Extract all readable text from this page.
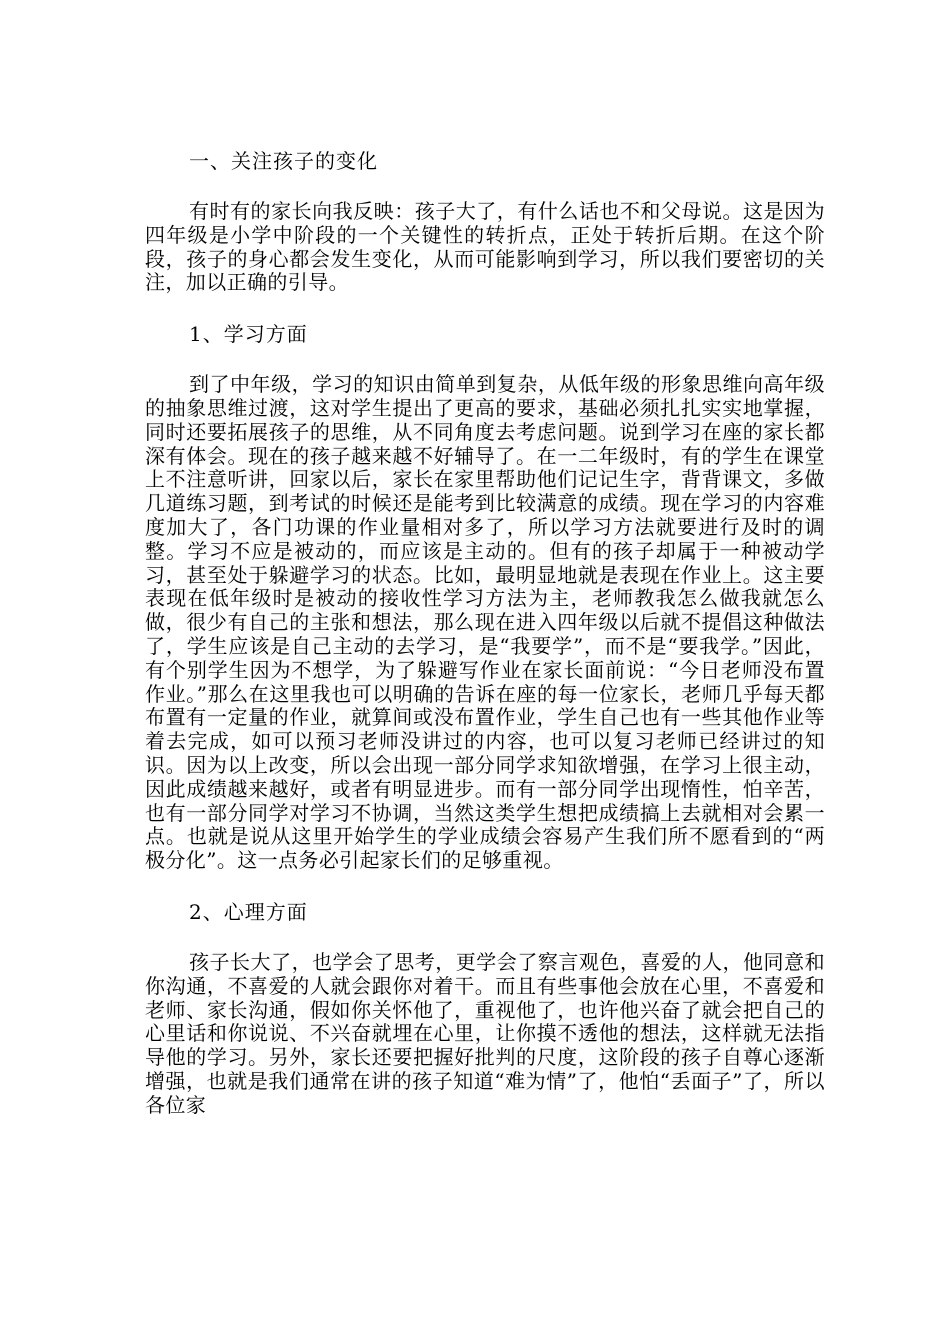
一、关注孩子的变化
有时有的家长向我反映：孩子大了，有什么话也不和父母说。这是因为四年级是小学中阶段的一个关键性的转折点，正处于转折后期。在这个阶段，孩子的身心都会发生变化，从而可能影响到学习，所以我们要密切的关注，加以正确的引导。
1、学习方面
到了中年级，学习的知识由简单到复杂，从低年级的形象思维向高年级的抽象思维过渡，这对学生提出了更高的要求，基础必须扎扎实实地掌握，同时还要拓展孩子的思维，从不同角度去考虑问题。说到学习在座的家长都深有体会。现在的孩子越来越不好辅导了。在一二年级时，有的学生在课堂上不注意听讲，回家以后，家长在家里帮助他们记记生字，背背课文，多做几道练习题，到考试的时候还是能考到比较满意的成绩。现在学习的内容难度加大了，各门功课的作业量相对多了，所以学习方法就要进行及时的调整。学习不应是被动的，而应该是主动的。但有的孩子却属于一种被动学习，甚至处于躲避学习的状态。比如，最明显地就是表现在作业上。这主要表现在低年级时是被动的接收性学习方法为主，老师教我怎么做我就怎么做，很少有自己的主张和想法，那么现在进入四年级以后就不提倡这种做法了，学生应该是自己主动的去学习，是“我要学”，而不是“要我学。”因此，有个别学生因为不想学，为了躲避写作业在家长面前说：“今日老师没布置作业。”那么在这里我也可以明确的告诉在座的每一位家长，老师几乎每天都布置有一定量的作业，就算间或没布置作业，学生自己也有一些其他作业等着去完成，如可以预习老师没讲过的内容，也可以复习老师已经讲过的知识。因为以上改变，所以会出现一部分同学求知欲增强，在学习上很主动，因此成绩越来越好，或者有明显进步。而有一部分同学出现惰性，怕辛苦，也有一部分同学对学习不协调，当然这类学生想把成绩搞上去就相对会累一点。也就是说从这里开始学生的学业成绩会容易产生我们所不愿看到的“两极分化”。这一点务必引起家长们的足够重视。
2、心理方面
孩子长大了，也学会了思考，更学会了察言观色，喜爱的人，他同意和你沟通，不喜爱的人就会跟你对着干。而且有些事他会放在心里，不喜爱和老师、家长沟通，假如你关怀他了，重视他了，也许他兴奋了就会把自己的心里话和你说说、不兴奋就埋在心里，让你摸不透他的想法，这样就无法指导他的学习。另外，家长还要把握好批判的尺度，这阶段的孩子自尊心逐渐增强，也就是我们通常在讲的孩子知道“难为情”了，他怕“丢面子”了，所以各位家
